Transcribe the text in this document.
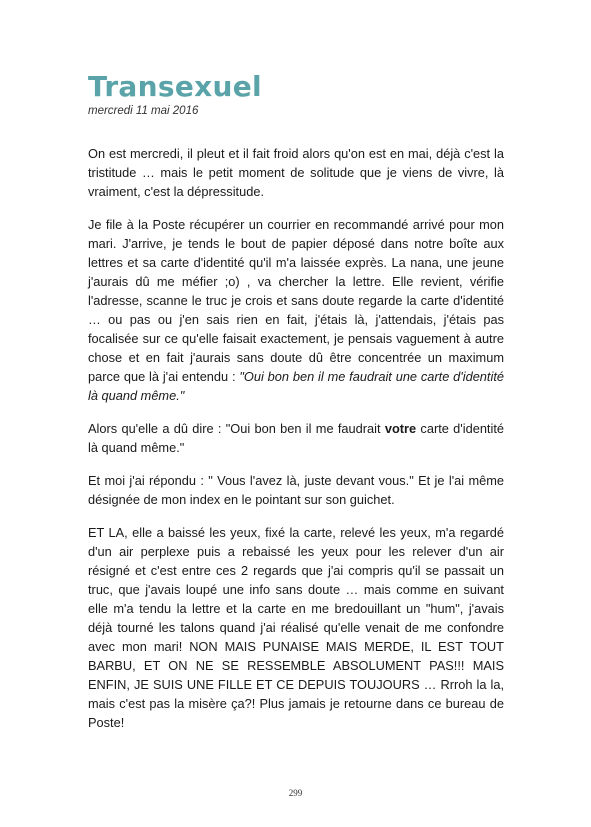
Transexuel

mercredi 11 mai 2016

On est mercredi, il pleut et il fait froid alors qu'on est en mai, déjà c'est la tristitude … mais le petit moment de solitude que je viens de vivre, là vraiment, c'est la dépressitude.

Je file à la Poste récupérer un courrier en recommandé arrivé pour mon mari. J'arrive, je tends le bout de papier déposé dans notre boîte aux lettres et sa carte d'identité qu'il m'a laissée exprès. La nana, une jeune j'aurais dû me méfier ;o) , va chercher la lettre. Elle revient, vérifie l'adresse, scanne le truc je crois et sans doute regarde la carte d'identité … ou pas ou j'en sais rien en fait, j'étais là, j'attendais, j'étais pas focalisée sur ce qu'elle faisait exactement, je pensais vaguement à autre chose et en fait j'aurais sans doute dû être concentrée un maximum parce que là j'ai entendu : "Oui bon ben il me faudrait une carte d'identité là quand même."

Alors qu'elle a dû dire : "Oui bon ben il me faudrait votre carte d'identité là quand même."

Et moi j'ai répondu : " Vous l'avez là, juste devant vous." Et je l'ai même désignée de mon index en le pointant sur son guichet.

ET LA, elle a baissé les yeux, fixé la carte, relevé les yeux, m'a regardé d'un air perplexe puis a rebaissé les yeux pour les relever d'un air résigné et c'est entre ces 2 regards que j'ai compris qu'il se passait un truc, que j'avais loupé une info sans doute … mais comme en suivant elle m'a tendu la lettre et la carte en me bredouillant un "hum", j'avais déjà tourné les talons quand j'ai réalisé qu'elle venait de me confondre avec mon mari! NON MAIS PUNAISE MAIS MERDE, IL EST TOUT BARBU, ET ON NE SE RESSEMBLE ABSOLUMENT PAS!!! MAIS ENFIN, JE SUIS UNE FILLE ET CE DEPUIS TOUJOURS … Rrroh la la, mais c'est pas la misère ça?! Plus jamais je retourne dans ce bureau de Poste!

299
